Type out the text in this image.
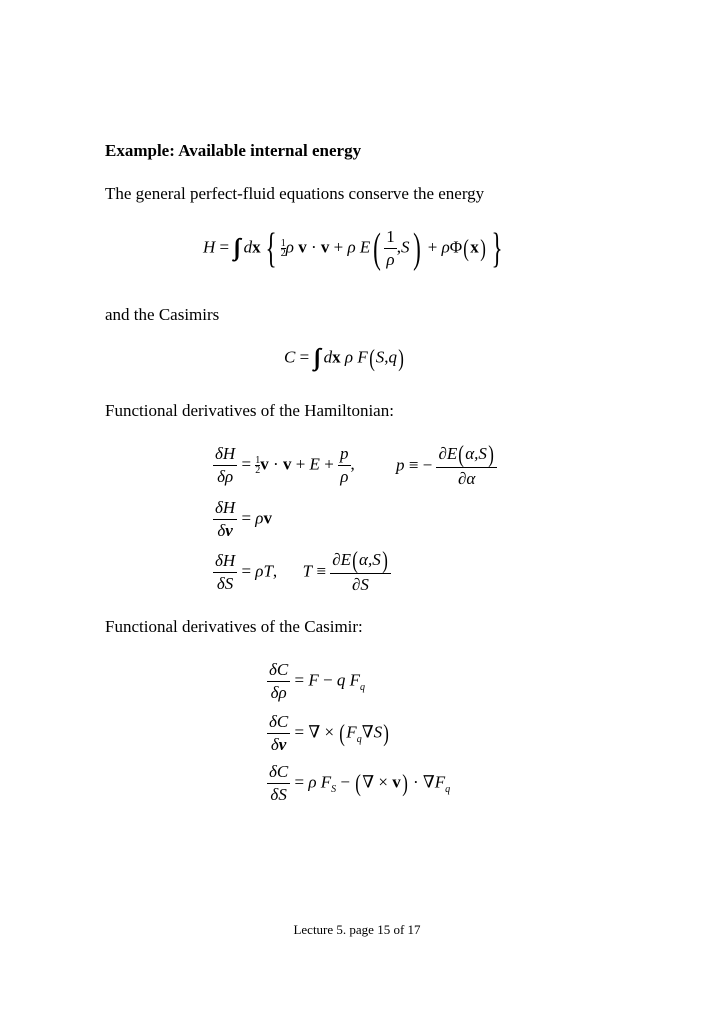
Example: Available internal energy
The general perfect-fluid equations conserve the energy
H = ∫∫∫ dx { $\frac{1}{2}$ ρ v · v + ρ $E( \frac{1}{\rho} ,S) + \rho\Phi(x)$ }
and the Casimirs
C = ∫∫∫ dx ρ F(S,q)
Functional derivatives of the Hamiltonian:
$\frac{\delta H}{\delta\rho} = \frac{1}{2}$ $v \cdot v + E + \frac{p}{\rho}$ , p ≡ − $\frac{\partial E(\alpha,S)}{\partial\alpha}$
$\frac{\delta H}{\delta v} = \rho v$
$\frac{\delta H}{\delta S} = \rho T$,      $T \equiv \frac{\partial E(\alpha,S)}{\partial S}$
Functional derivatives of the Casimir:
$\frac{\delta C}{\delta\rho} = F - q$ $F_q$
$\frac{\delta C}{\delta v}$ = ∇ × $(F_q\nabla S)$
$\frac{\delta C}{\delta S} = \rho$ $F_S$ − (∇ × $v) \cdot \nabla F_q$
Lecture 5. page 15 of 17
